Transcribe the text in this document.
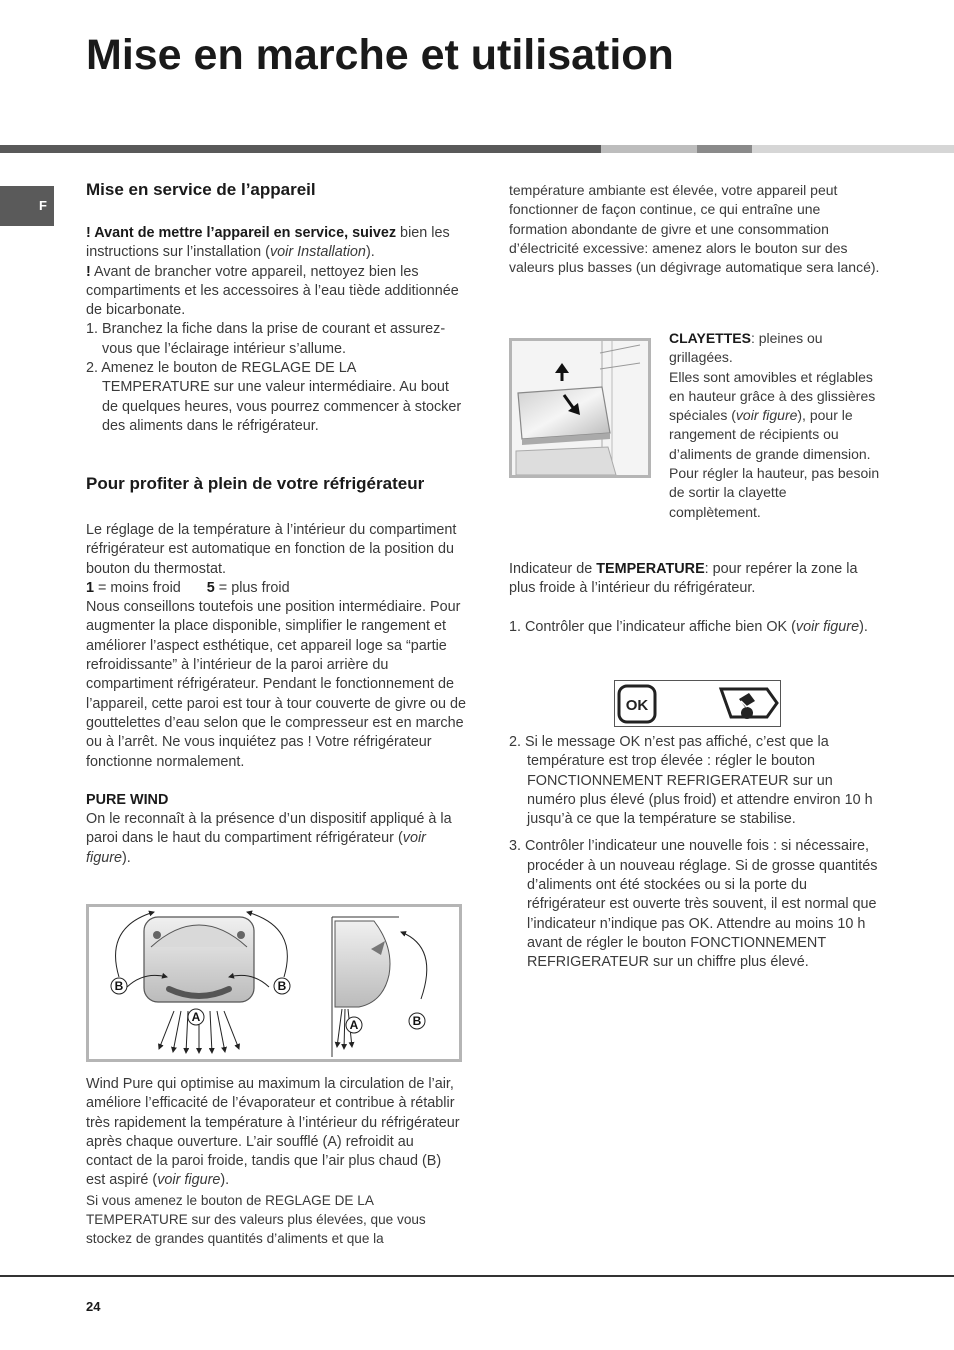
Mise en marche et utilisation
F
Mise en service de l’appareil

! Avant de mettre l’appareil en service, suivez bien les instructions sur l’installation (voir Installation).

! Avant de brancher votre appareil, nettoyez bien les compartiments et les accessoires à l’eau tiède additionnée de bicarbonate.

1. Branchez la fiche dans la prise de courant et assurez-vous que l’éclairage intérieur s’allume.

2. Amenez le bouton de REGLAGE DE LA TEMPERATURE sur une valeur intermédiaire. Au bout de quelques heures, vous pourrez commencer à stocker des aliments dans le réfrigérateur.

Pour profiter à plein de votre réfrigérateur

Le réglage de la température à l’intérieur du compartiment réfrigérateur est automatique en fonction de la position du bouton du thermostat.

1 = moins froid 5 = plus froid

Nous conseillons toutefois une position intermédiaire. Pour augmenter la place disponible, simplifier le rangement et améliorer l’aspect esthétique, cet appareil loge sa “partie refroidissante” à l’intérieur de la paroi arrière du compartiment réfrigérateur. Pendant le fonctionnement de l’appareil, cette paroi est tour à tour couverte de givre ou de gouttelettes d’eau selon que le compresseur est en marche ou à l’arrêt. Ne vous inquiétez pas ! Votre réfrigérateur fonctionne normalement.

PURE WIND

On le reconnaît à la présence d’un dispositif appliqué à la paroi dans le haut du compartiment réfrigérateur (voir figure).

B	B
A
A	B

Wind Pure qui optimise au maximum la circulation de l’air, améliore l’efficacité de l’évaporateur et contribue à rétablir très rapidement la température à l’intérieur du réfrigérateur après chaque ouverture. L’air soufflé (A) refroidit au contact de la paroi froide, tandis que l’air plus chaud (B) est aspiré (voir figure).

Si vous amenez le bouton de REGLAGE DE LA TEMPERATURE sur des valeurs plus élevées, que vous stockez de grandes quantités d’aliments et que la

température ambiante est élevée, votre appareil peut fonctionner de façon continue, ce qui entraîne une formation abondante de givre et une consommation d’électricité excessive: amenez alors le bouton sur des valeurs plus basses (un dégivrage automatique sera lancé).

CLAYETTES: pleines ou grillagées.

Elles sont amovibles et réglables en hauteur grâce à des glissières spéciales (voir figure), pour le rangement de récipients ou d’aliments de grande dimension. Pour régler la hauteur, pas besoin de sortir la clayette complètement.

Indicateur de TEMPERATURE: pour repérer la zone la plus froide à l’intérieur du réfrigérateur.

1. Contrôler que l’indicateur affiche bien OK (voir figure).

OK

2. Si le message OK n’est pas affiché, c’est que la température est trop élevée : régler le bouton FONCTIONNEMENT REFRIGERATEUR sur un numéro plus élevé (plus froid) et attendre environ 10 h jusqu’à ce que la température se stabilise.

3. Contrôler l’indicateur une nouvelle fois : si nécessaire, procéder à un nouveau réglage. Si de grosse quantités d’aliments ont été stockées ou si la porte du réfrigérateur est ouverte très souvent, il est normal que l’indicateur n’indique pas OK. Attendre au moins 10 h avant de régler le bouton FONCTIONNEMENT REFRIGERATEUR sur un chiffre plus élevé.

24
